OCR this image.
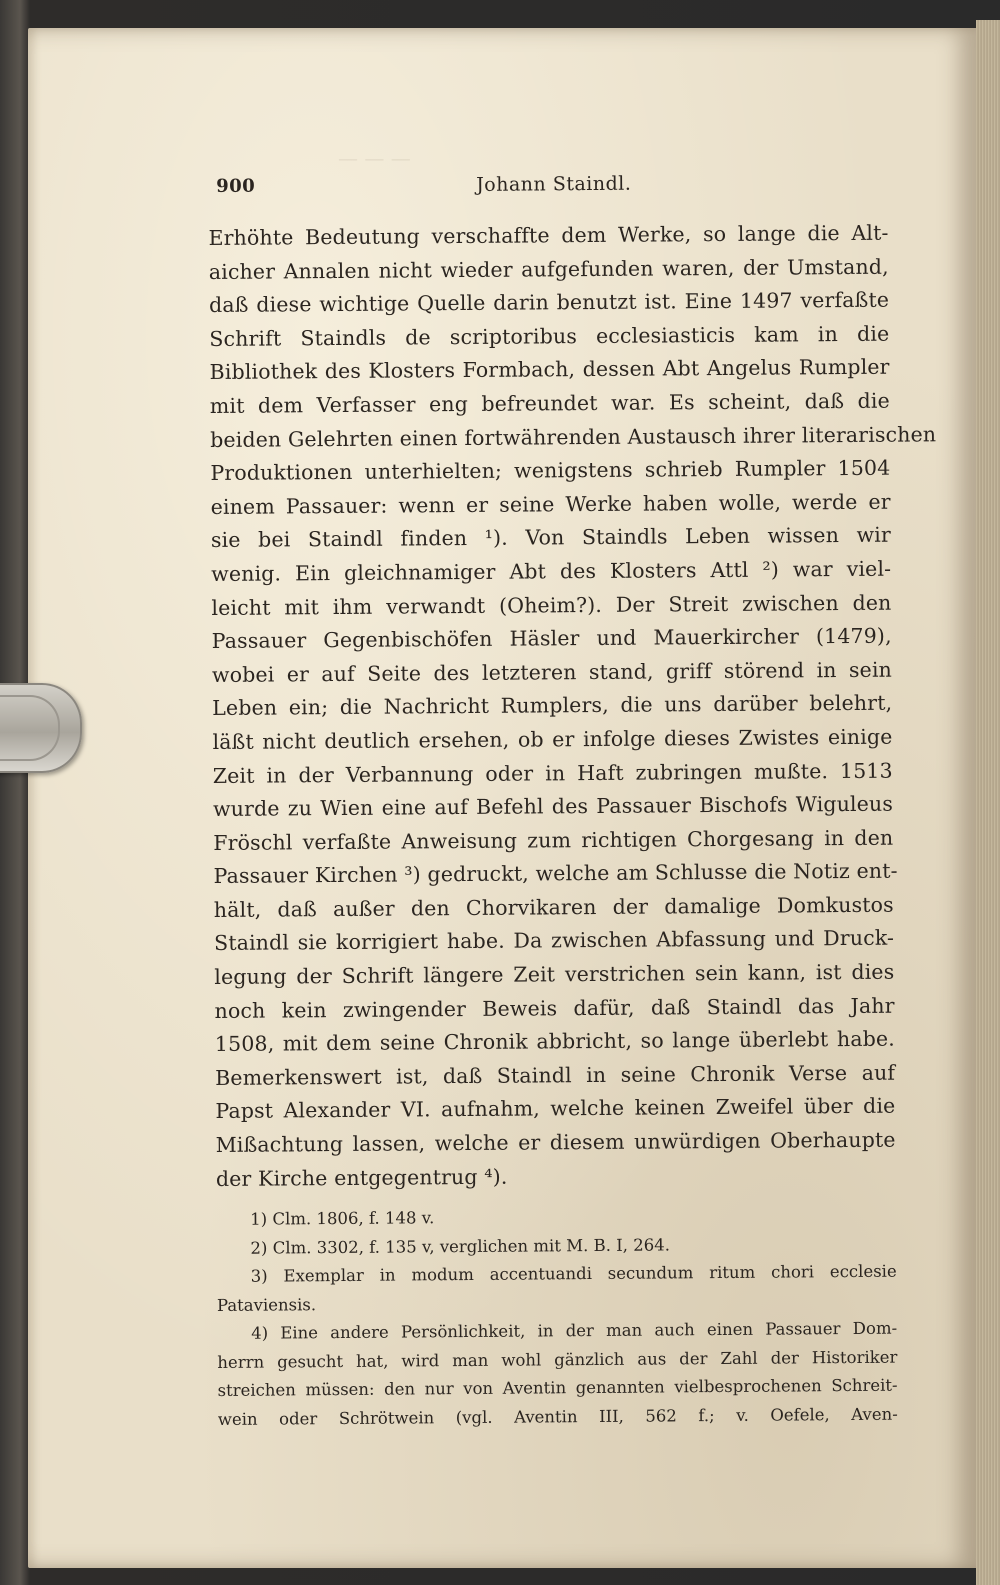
— — —
900	Johann Staindl.
Erhöhte Bedeutung verschaffte dem Werke, so lange die Alt-
aicher Annalen nicht wieder aufgefunden waren, der Umstand,
daß diese wichtige Quelle darin benutzt ist. Eine 1497 verfaßte
Schrift Staindls de scriptoribus ecclesiasticis kam in die
Bibliothek des Klosters Formbach, dessen Abt Angelus Rumpler
mit dem Verfasser eng befreundet war. Es scheint, daß die
beiden Gelehrten einen fortwährenden Austausch ihrer literarischen
Produktionen unterhielten; wenigstens schrieb Rumpler 1504
einem Passauer: wenn er seine Werke haben wolle, werde er
sie bei Staindl finden ¹). Von Staindls Leben wissen wir
wenig. Ein gleichnamiger Abt des Klosters Attl ²) war viel-
leicht mit ihm verwandt (Oheim?). Der Streit zwischen den
Passauer Gegenbischöfen Häsler und Mauerkircher (1479),
wobei er auf Seite des letzteren stand, griff störend in sein
Leben ein; die Nachricht Rumplers, die uns darüber belehrt,
läßt nicht deutlich ersehen, ob er infolge dieses Zwistes einige
Zeit in der Verbannung oder in Haft zubringen mußte. 1513
wurde zu Wien eine auf Befehl des Passauer Bischofs Wiguleus
Fröschl verfaßte Anweisung zum richtigen Chorgesang in den
Passauer Kirchen ³) gedruckt, welche am Schlusse die Notiz ent-
hält, daß außer den Chorvikaren der damalige Domkustos
Staindl sie korrigiert habe. Da zwischen Abfassung und Druck-
legung der Schrift längere Zeit verstrichen sein kann, ist dies
noch kein zwingender Beweis dafür, daß Staindl das Jahr
1508, mit dem seine Chronik abbricht, so lange überlebt habe.
Bemerkenswert ist, daß Staindl in seine Chronik Verse auf
Papst Alexander VI. aufnahm, welche keinen Zweifel über die
Mißachtung lassen, welche er diesem unwürdigen Oberhaupte
der Kirche entgegentrug ⁴).
1) Clm. 1806, f. 148 v.
2) Clm. 3302, f. 135 v, verglichen mit M. B. I, 264.
3) Exemplar in modum accentuandi secundum ritum chori ecclesie
Pataviensis.
4) Eine andere Persönlichkeit, in der man auch einen Passauer Dom-
herrn gesucht hat, wird man wohl gänzlich aus der Zahl der Historiker
streichen müssen: den nur von Aventin genannten vielbesprochenen Schreit-
wein oder Schrötwein (vgl. Aventin III, 562 f.; v. Oefele, Aven-
